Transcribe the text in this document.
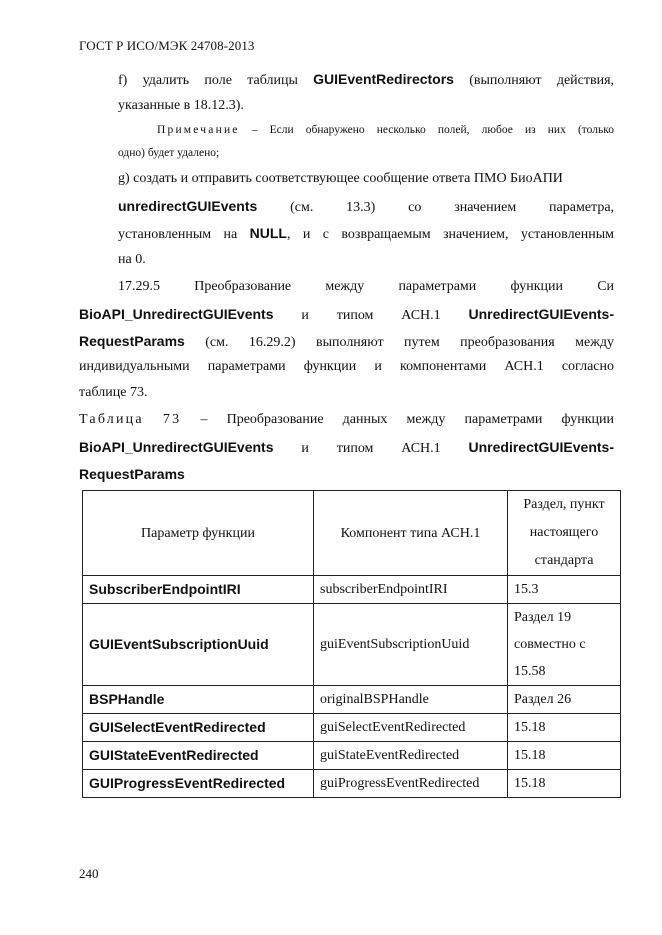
ГОСТ Р ИСО/МЭК 24708-2013
f) удалить поле таблицы GUIEventRedirectors (выполняют действия,
указанные в 18.12.3).
Примечание – Если обнаружено несколько полей, любое из них (только
одно) будет удалено;
g) создать и отправить соответствующее сообщение ответа ПМО БиоАПИ
unredirectGUIEvents (см. 13.3) со значением параметра,
установленным на NULL, и с возвращаемым значением, установленным
на 0.
17.29.5 Преобразование между параметрами функции Си
BioAPI_UnredirectGUIEvents и типом АСН.1 UnredirectGUIEvents-
RequestParams (см. 16.29.2) выполняют путем преобразования между
индивидуальными параметрами функции и компонентами АСН.1 согласно
таблице 73.
Таблица 73 – Преобразование данных между параметрами функции
BioAPI_UnredirectGUIEvents и типом АСН.1 UnredirectGUIEvents-
RequestParams
Параметр функции	Компонент типа АСН.1	Раздел, пункт настоящего стандарта
SubscriberEndpointIRI	subscriberEndpointIRI	15.3
GUIEventSubscriptionUuid	guiEventSubscriptionUuid	Раздел 19 совместно с 15.58
BSPHandle	originalBSPHandle	Раздел 26
GUISelectEventRedirected	guiSelectEventRedirected	15.18
GUIStateEventRedirected	guiStateEventRedirected	15.18
GUIProgressEventRedirected	guiProgressEventRedirected	15.18
240
